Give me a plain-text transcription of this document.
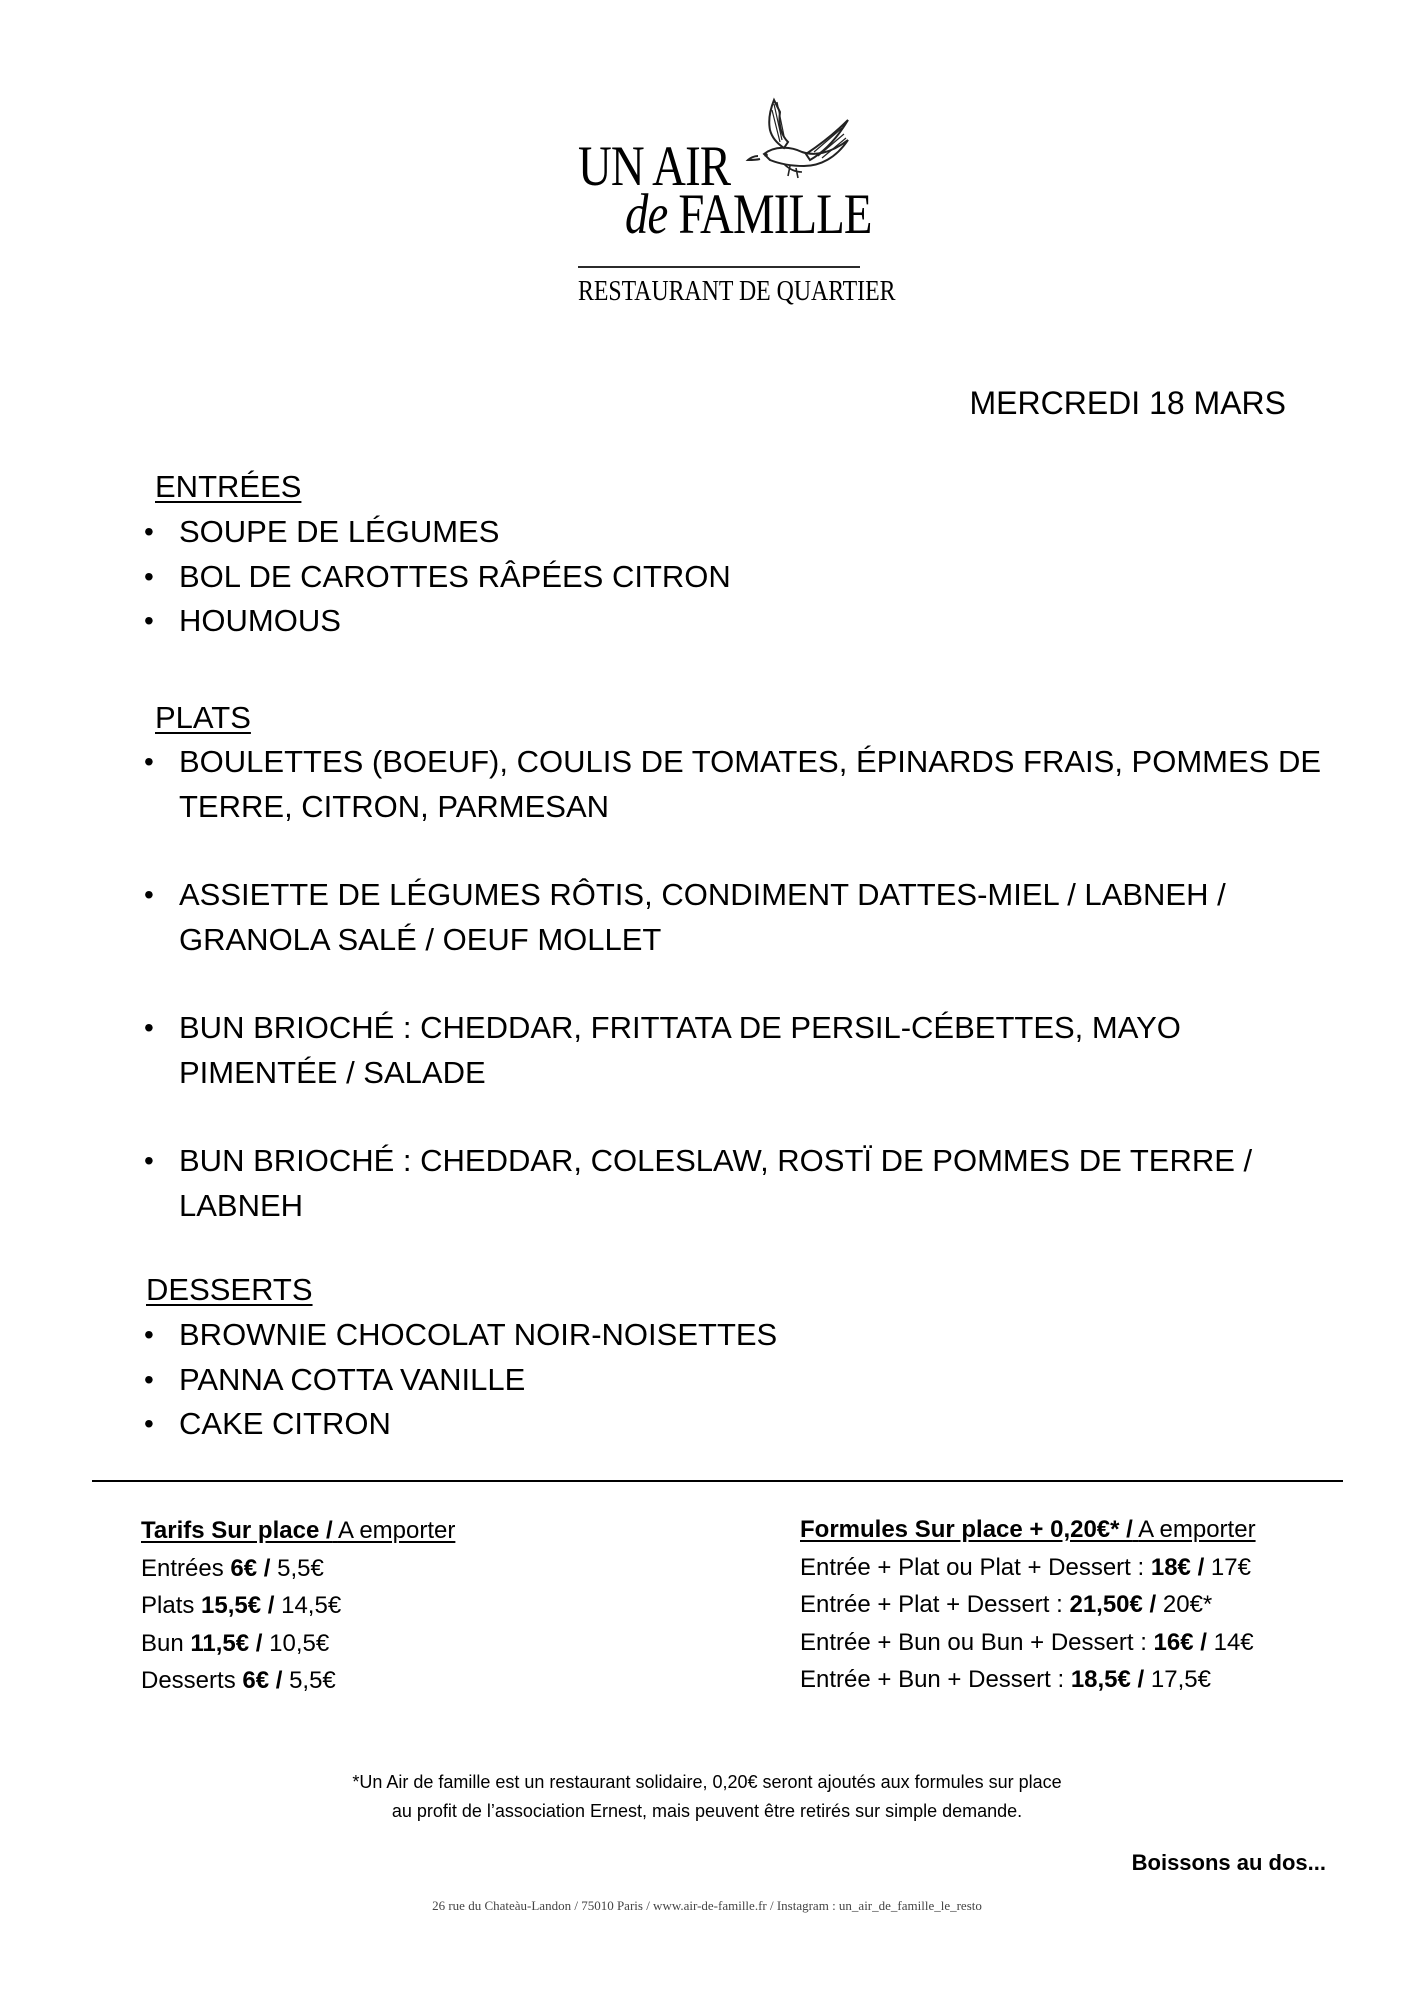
UN AIR
de FAMILLE
RESTAURANT DE QUARTIER
MERCREDI 18 MARS
ENTRÉES
• SOUPE DE LÉGUMES
• BOL DE CAROTTES RÂPÉES CITRON
• HOUMOUS
PLATS
• BOULETTES (BOEUF), COULIS DE TOMATES, ÉPINARDS FRAIS, POMMES DE TERRE, CITRON, PARMESAN
• ASSIETTE DE LÉGUMES RÔTIS, CONDIMENT DATTES-MIEL / LABNEH / GRANOLA SALÉ / OEUF MOLLET
• BUN BRIOCHÉ : CHEDDAR, FRITTATA DE PERSIL-CÉBETTES, MAYO PIMENTÉE / SALADE
• BUN BRIOCHÉ : CHEDDAR, COLESLAW, ROSTÏ DE POMMES DE TERRE / LABNEH
DESSERTS
• BROWNIE CHOCOLAT NOIR-NOISETTES
• PANNA COTTA VANILLE
• CAKE CITRON
Tarifs Sur place / A emporter
Entrées 6€ / 5,5€
Plats 15,5€ / 14,5€
Bun 11,5€ / 10,5€
Desserts 6€ / 5,5€
Formules Sur place + 0,20€* / A emporter
Entrée + Plat ou Plat + Dessert : 18€ / 17€
Entrée + Plat + Dessert : 21,50€ / 20€*
Entrée + Bun ou Bun + Dessert : 16€ / 14€
Entrée + Bun + Dessert : 18,5€ / 17,5€
*Un Air de famille est un restaurant solidaire, 0,20€ seront ajoutés aux formules sur place
au profit de l’association Ernest, mais peuvent être retirés sur simple demande.
Boissons au dos...
26 rue du Chateàu-Landon / 75010 Paris / www.air-de-famille.fr / Instagram : un_air_de_famille_le_resto
